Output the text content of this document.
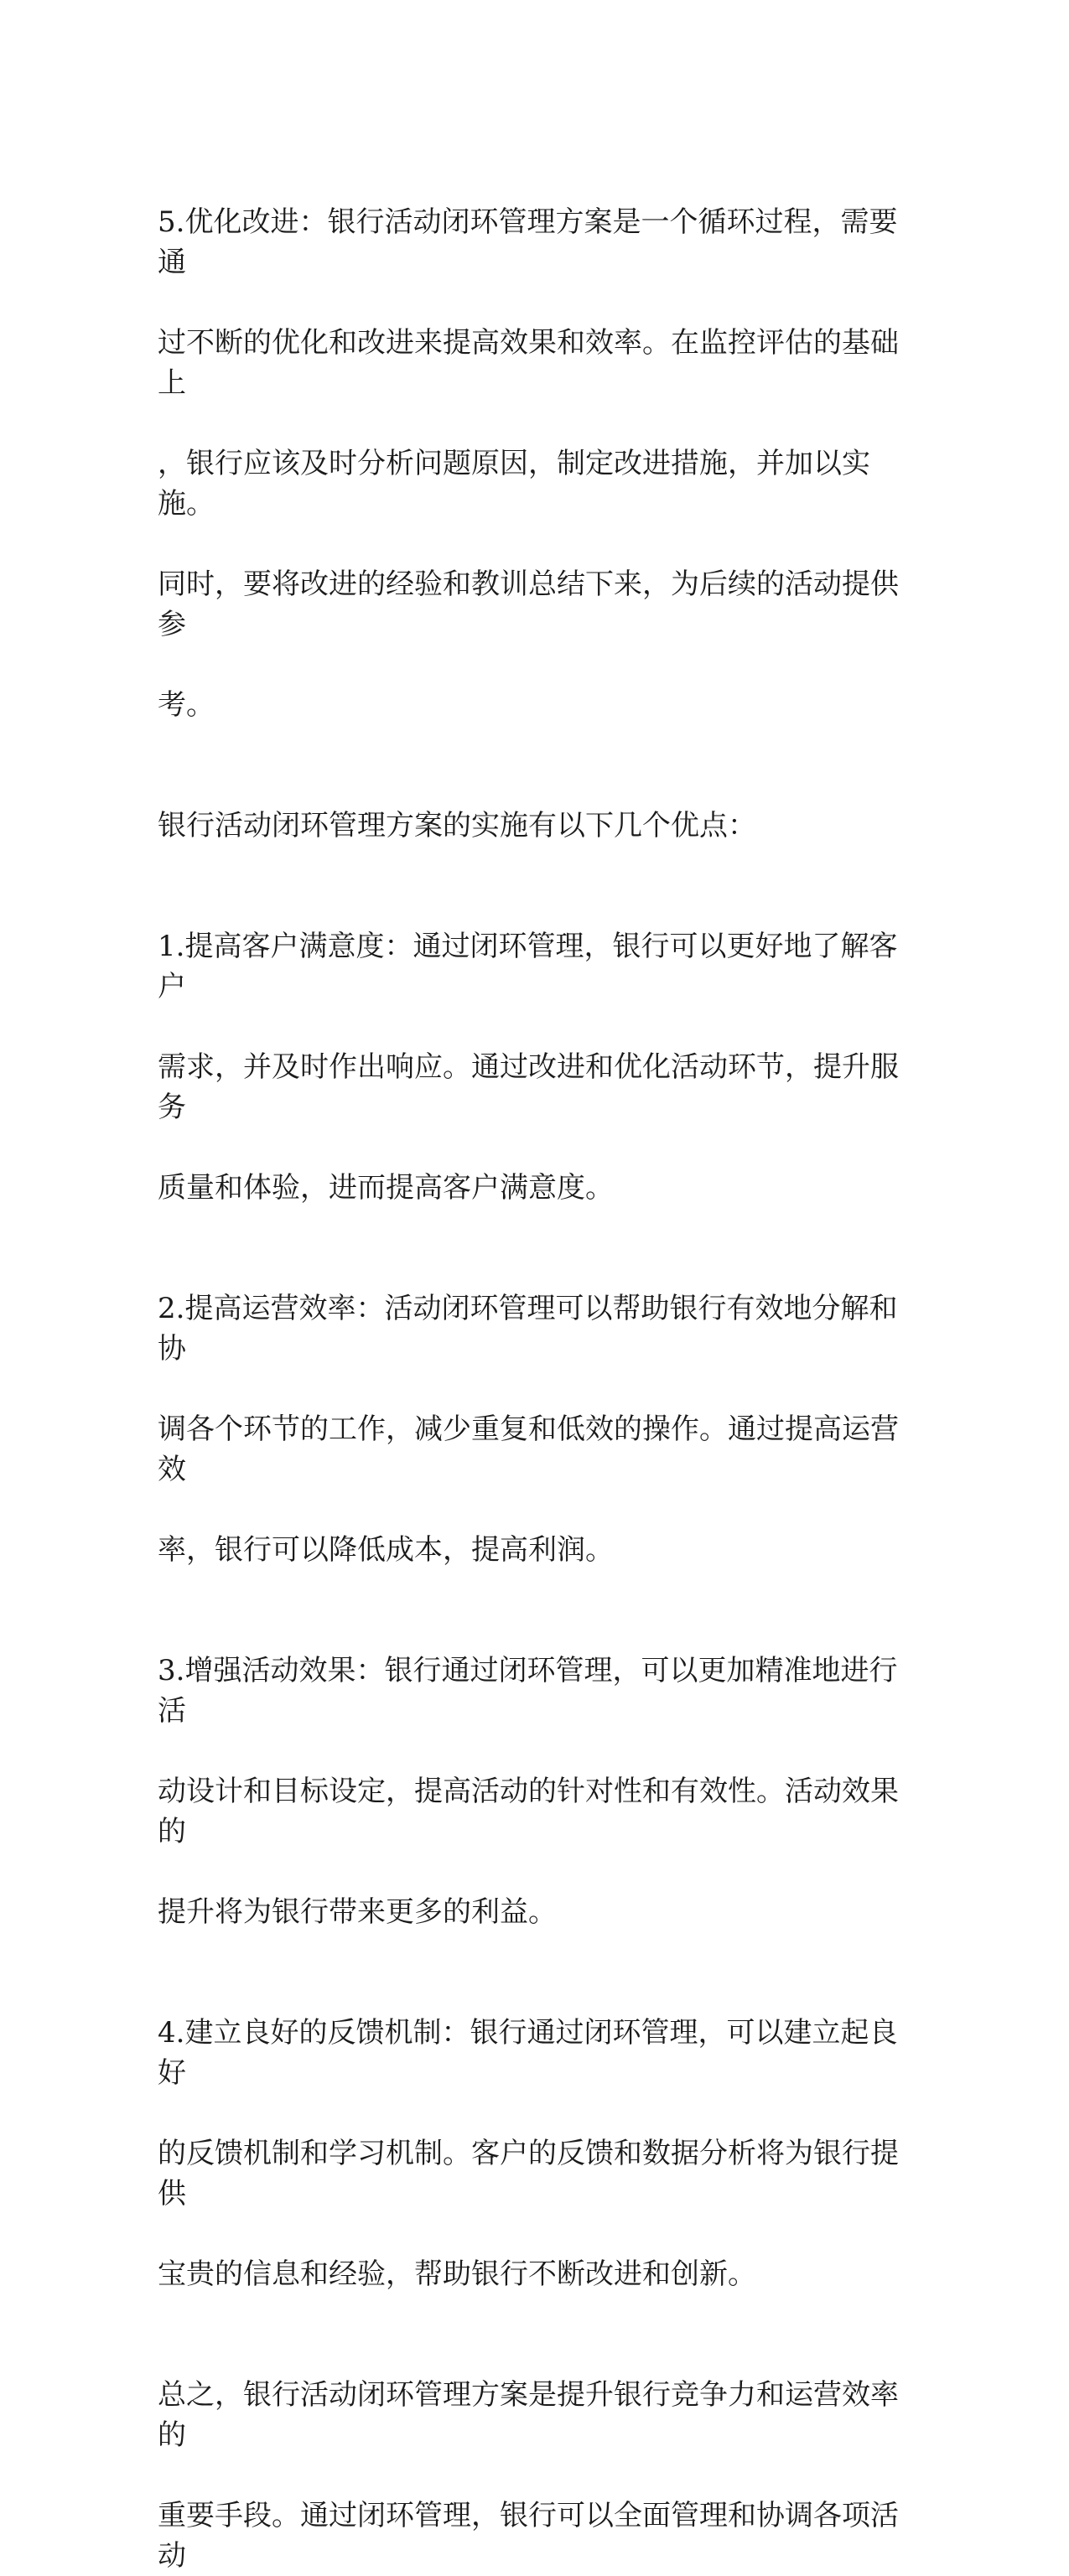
5.优化改进：银行活动闭环管理方案是一个循环过程，需要通

过不断的优化和改进来提高效果和效率。在监控评估的基础上

，银行应该及时分析问题原因，制定改进措施，并加以实施。

同时，要将改进的经验和教训总结下来，为后续的活动提供参

考。

银行活动闭环管理方案的实施有以下几个优点：

1.提高客户满意度：通过闭环管理，银行可以更好地了解客户

需求，并及时作出响应。通过改进和优化活动环节，提升服务

质量和体验，进而提高客户满意度。

2.提高运营效率：活动闭环管理可以帮助银行有效地分解和协

调各个环节的工作，减少重复和低效的操作。通过提高运营效

率，银行可以降低成本，提高利润。

3.增强活动效果：银行通过闭环管理，可以更加精准地进行活

动设计和目标设定，提高活动的针对性和有效性。活动效果的

提升将为银行带来更多的利益。

4.建立良好的反馈机制：银行通过闭环管理，可以建立起良好

的反馈机制和学习机制。客户的反馈和数据分析将为银行提供

宝贵的信息和经验，帮助银行不断改进和创新。

总之，银行活动闭环管理方案是提升银行竞争力和运营效率的

重要手段。通过闭环管理，银行可以全面管理和协调各项活动
